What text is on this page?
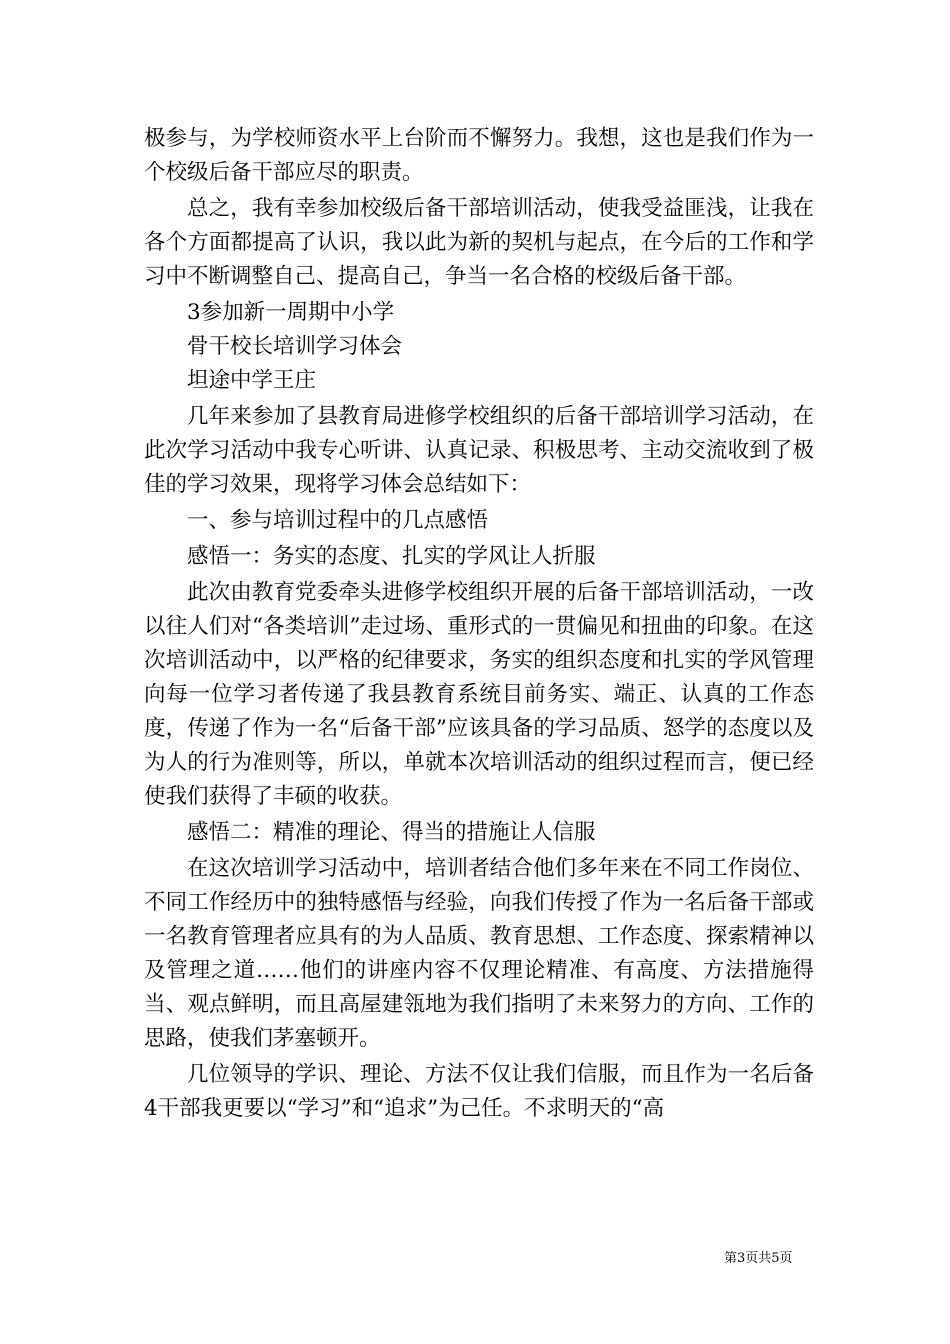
极参与，为学校师资水平上台阶而不懈努力。我想，这也是我们作为一个校级后备干部应尽的职责。

总之，我有幸参加校级后备干部培训活动，使我受益匪浅，让我在各个方面都提高了认识，我以此为新的契机与起点，在今后的工作和学习中不断调整自己、提高自己，争当一名合格的校级后备干部。

3参加新一周期中小学

骨干校长培训学习体会

坦途中学王庄

几年来参加了县教育局进修学校组织的后备干部培训学习活动，在此次学习活动中我专心听讲、认真记录、积极思考、主动交流收到了极佳的学习效果，现将学习体会总结如下：

一、参与培训过程中的几点感悟

感悟一：务实的态度、扎实的学风让人折服

此次由教育党委牵头进修学校组织开展的后备干部培训活动，一改以往人们对“各类培训”走过场、重形式的一贯偏见和扭曲的印象。在这次培训活动中，以严格的纪律要求，务实的组织态度和扎实的学风管理向每一位学习者传递了我县教育系统目前务实、端正、认真的工作态度，传递了作为一名“后备干部”应该具备的学习品质、怒学的态度以及为人的行为准则等，所以，单就本次培训活动的组织过程而言，便已经使我们获得了丰硕的收获。

感悟二：精准的理论、得当的措施让人信服

在这次培训学习活动中，培训者结合他们多年来在不同工作岗位、不同工作经历中的独特感悟与经验，向我们传授了作为一名后备干部或一名教育管理者应具有的为人品质、教育思想、工作态度、探索精神以及管理之道……他们的讲座内容不仅理论精准、有高度、方法措施得当、观点鲜明，而且高屋建瓴地为我们指明了未来努力的方向、工作的思路，使我们茅塞顿开。

几位领导的学识、理论、方法不仅让我们信服，而且作为一名后备4干部我更要以“学习”和“追求”为己任。不求明天的“高

第3页共5页
